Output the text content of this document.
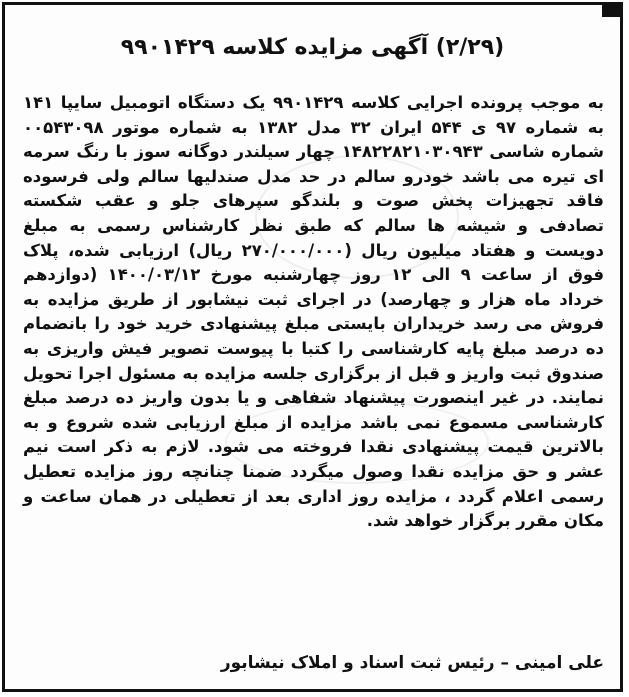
(۲/۲۹) آگهی مزایده کلاسه ۹۹۰۱۴۲۹
به موجب پرونده اجرایی کلاسه ۹۹۰۱۴۲۹ یک دستگاه اتومبیل سایپا ۱۴۱ به شماره ۹۷ ی ۵۴۴ ایران ۳۲ مدل ۱۳۸۲ به شماره موتور ۰۰۵۴۳۰۹۸ شماره شاسی ۱۴۸۲۲۸۲۱۰۳۰۹۴۳ چهار سیلندر دوگانه سوز با رنگ سرمه ای تیره می باشد خودرو سالم در حد مدل صندلیها سالم ولی فرسوده فاقد تجهیزات پخش صوت و بلندگو سپرهای جلو و عقب شکسته تصادفی و شیشه ها سالم که طبق نظر کارشناس رسمی به مبلغ دویست و هفتاد میلیون ریال (۲۷۰/۰۰۰/۰۰۰ ریال) ارزیابی شده، پلاک فوق از ساعت ۹ الی ۱۲ روز چهارشنبه مورخ ۱۴۰۰/۰۳/۱۲ (دوازدهم خرداد ماه هزار و چهارصد) در اجرای ثبت نیشابور از طریق مزایده به فروش می رسد خریداران بایستی مبلغ پیشنهادی خرید خود را بانضمام ده درصد مبلغ پایه کارشناسی را کتبا با پیوست تصویر فیش واریزی به صندوق ثبت واریز و قبل از برگزاری جلسه مزایده به مسئول اجرا تحویل نمایند. در غیر اینصورت پیشنهاد شفاهی و یا بدون واریز ده درصد مبلغ کارشناسی مسموع نمی باشد مزایده از مبلغ ارزیابی شده شروع و به بالاترین قیمت پیشنهادی نقدا فروخته می شود. لازم به ذکر است نیم عشر و حق مزایده نقدا وصول میگردد ضمنا چنانچه روز مزایده تعطیل رسمی اعلام گردد ، مزایده روز اداری بعد از تعطیلی در همان ساعت و مکان مقرر برگزار خواهد شد.
علی امینی – رئیس ثبت اسناد و املاک نیشابور
